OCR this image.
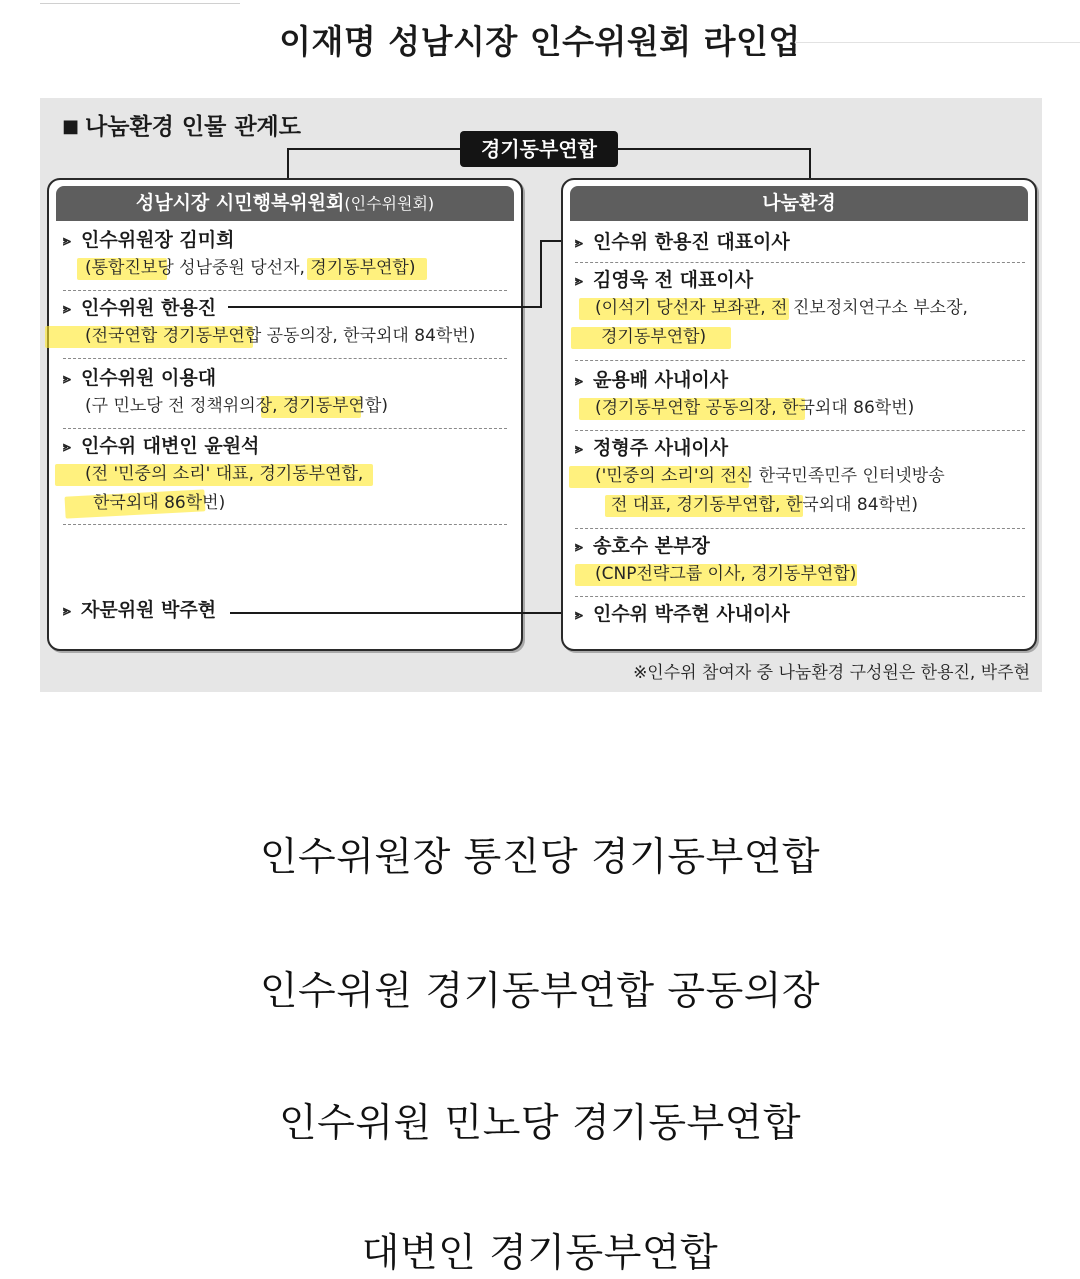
이재명 성남시장 인수위원회 라인업
■ 나눔환경 인물 관계도
경기동부연합
성남시장 시민행복위원회(인수위원회)
⪢ 인수위원장 김미희
(통합진보당 성남중원 당선자, 경기동부연합)
⪢ 인수위원 한용진
(전국연합 경기동부연합 공동의장, 한국외대 84학번)
⪢ 인수위원 이용대
(구 민노당 전 정책위의장, 경기동부연합)
⪢ 인수위 대변인 윤원석
(전 '민중의 소리' 대표, 경기동부연합,
한국외대 86학번)
⪢ 자문위원 박주현
나눔환경
⪢ 인수위 한용진 대표이사
⪢ 김영욱 전 대표이사
(이석기 당선자 보좌관, 전 진보정치연구소 부소장,
경기동부연합)
⪢ 윤용배 사내이사
(경기동부연합 공동의장, 한국외대 86학번)
⪢ 정형주 사내이사
('민중의 소리'의 전신 한국민족민주 인터넷방송
전 대표, 경기동부연합, 한국외대 84학번)
⪢ 송호수 본부장
(CNP전략그룹 이사, 경기동부연합)
⪢ 인수위 박주현 사내이사
※인수위 참여자 중 나눔환경 구성원은 한용진, 박주현
인수위원장 통진당 경기동부연합
인수위원 경기동부연합 공동의장
인수위원 민노당 경기동부연합
대변인 경기동부연합
